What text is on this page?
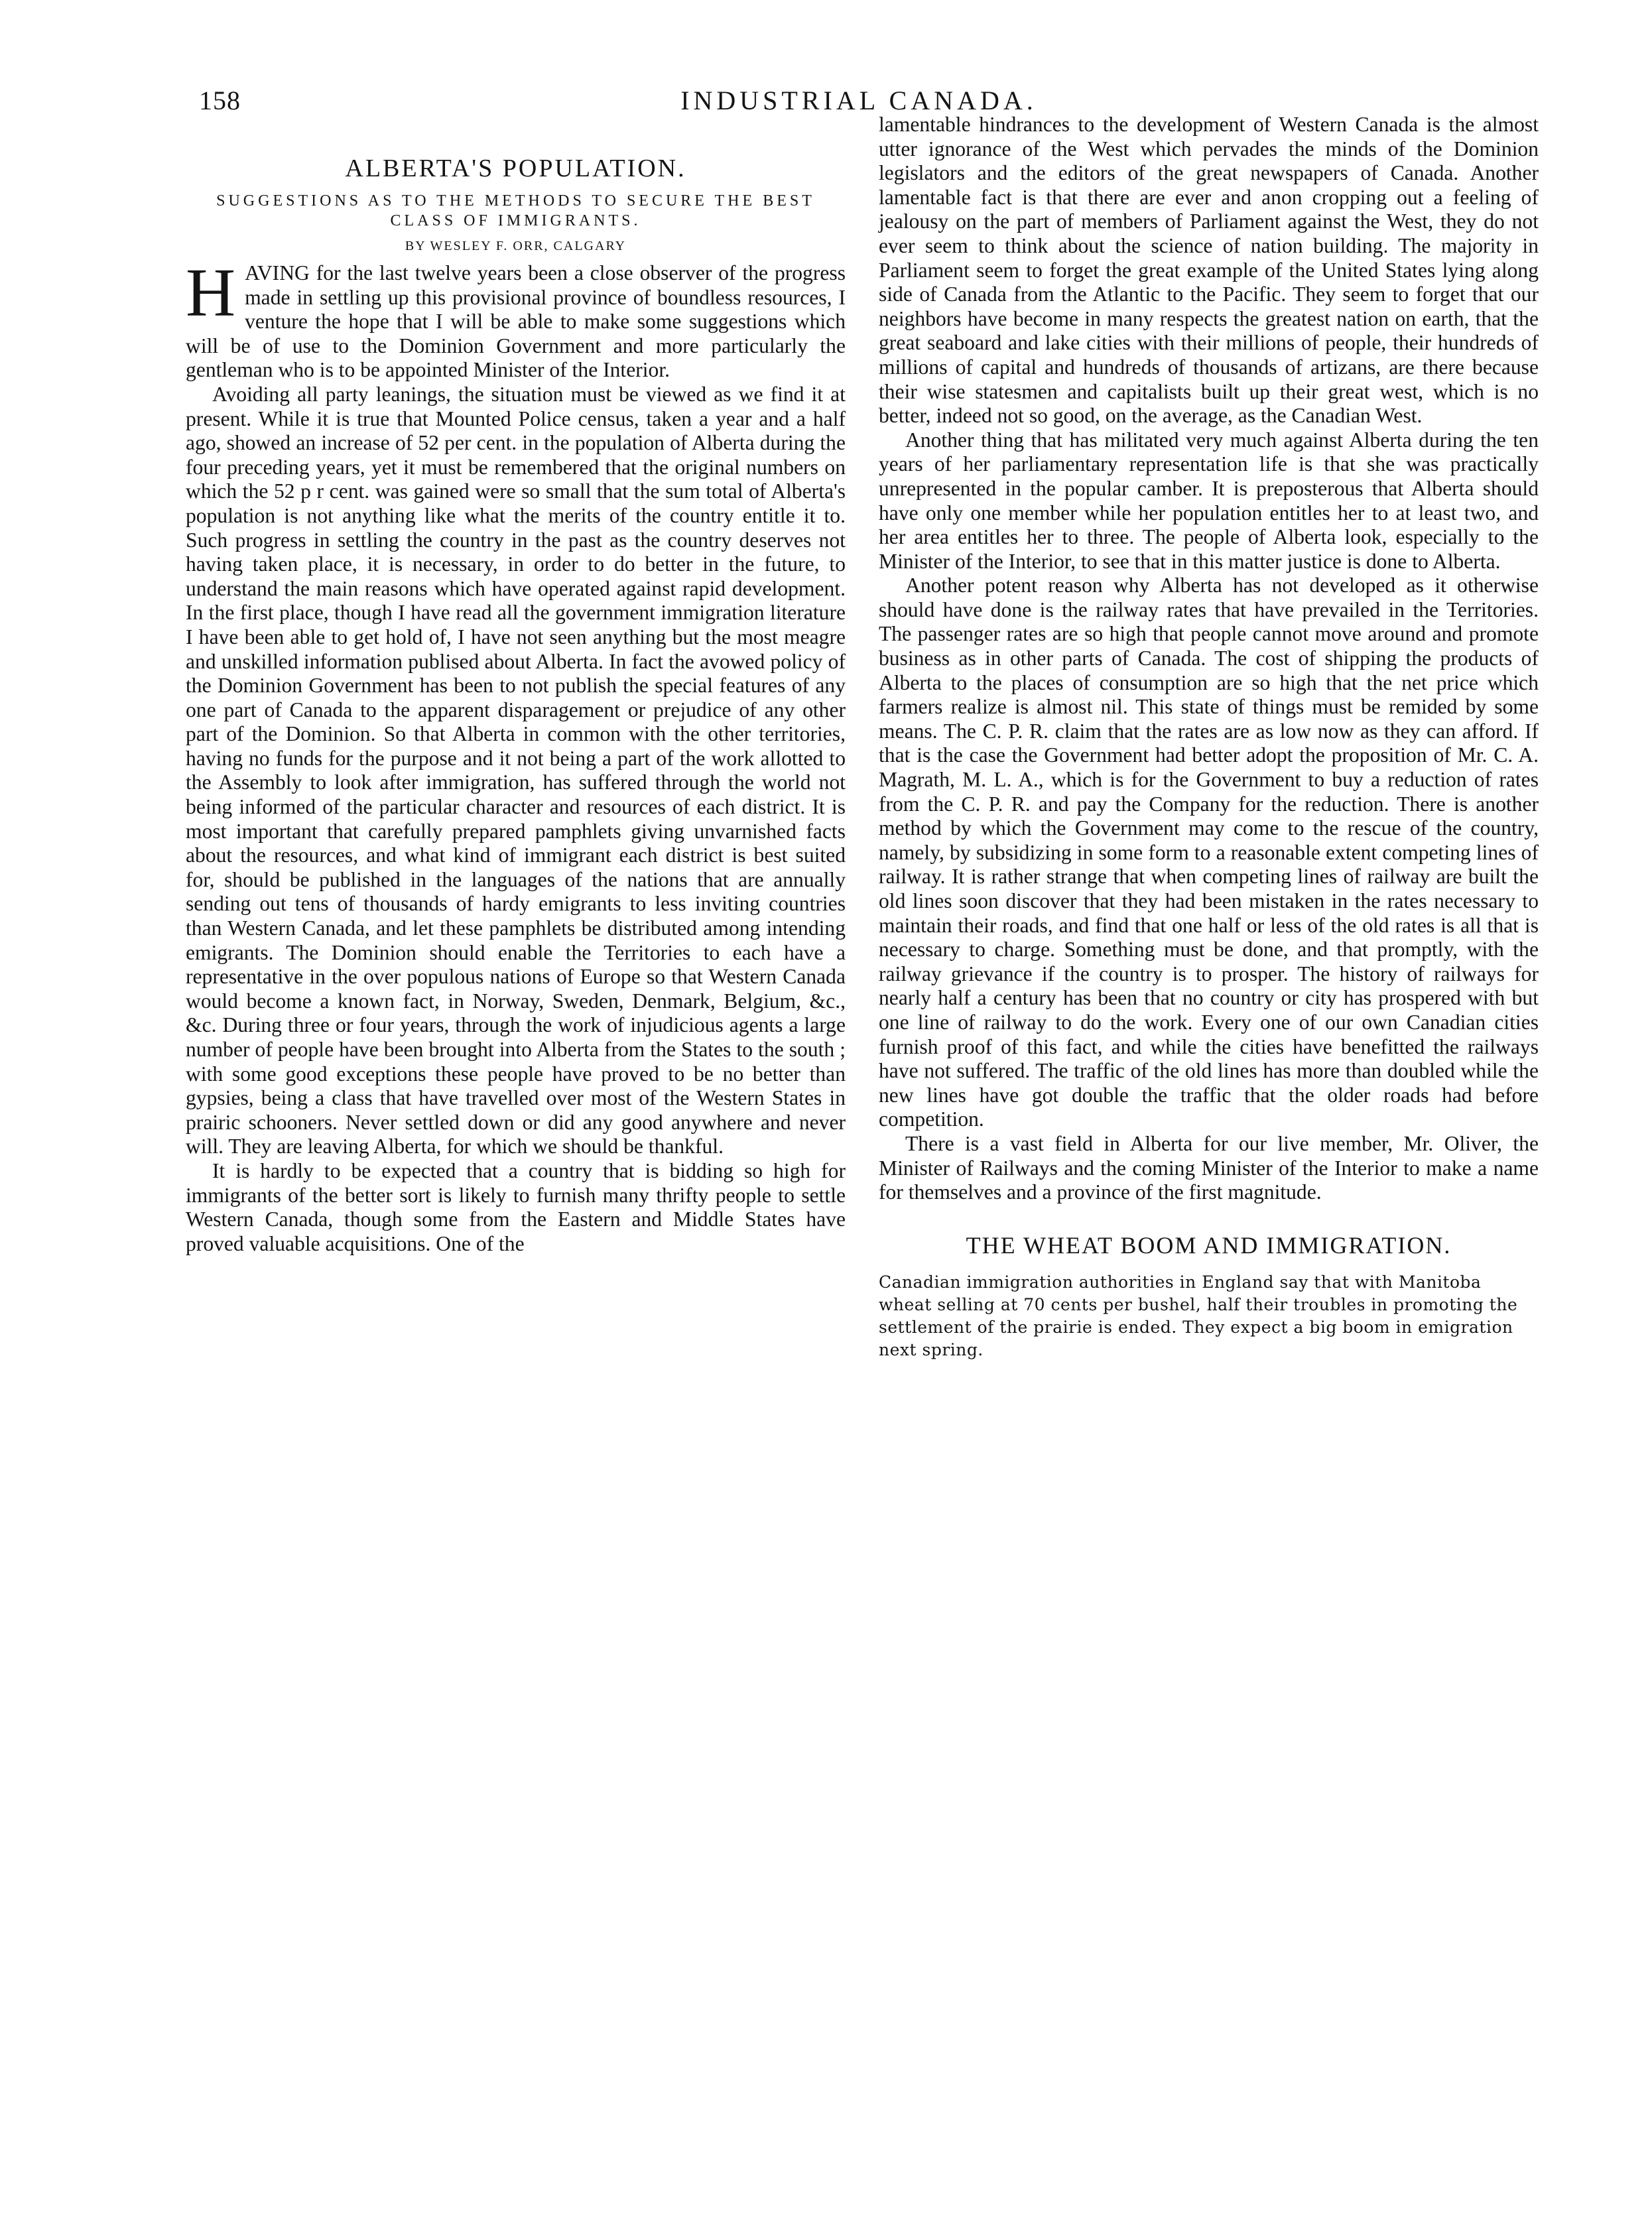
158	INDUSTRIAL CANADA.
ALBERTA'S POPULATION.
SUGGESTIONS AS TO THE METHODS TO SECURE THE BEST CLASS OF IMMIGRANTS.
BY WESLEY F. ORR, CALGARY

HAVING for the last twelve years been a close observer of the progress made in settling up this provisional province of boundless resources, I venture the hope that I will be able to make some suggestions which will be of use to the Dominion Government and more particularly the gentleman who is to be appointed Minister of the Interior.

Avoiding all party leanings, the situation must be viewed as we find it at present. While it is true that Mounted Police census, taken a year and a half ago, showed an increase of 52 per cent. in the population of Alberta during the four preceding years, yet it must be remembered that the original numbers on which the 52 p r cent. was gained were so small that the sum total of Alberta's population is not anything like what the merits of the country entitle it to. Such progress in settling the country in the past as the country deserves not having taken place, it is necessary, in order to do better in the future, to understand the main reasons which have operated against rapid development. In the first place, though I have read all the government immigration literature I have been able to get hold of, I have not seen anything but the most meagre and unskilled information publised about Alberta. In fact the avowed policy of the Dominion Government has been to not publish the special features of any one part of Canada to the apparent disparagement or prejudice of any other part of the Dominion. So that Alberta in common with the other territories, having no funds for the purpose and it not being a part of the work allotted to the Assembly to look after immigration, has suffered through the world not being informed of the particular character and resources of each district. It is most important that carefully prepared pamphlets giving unvarnished facts about the resources, and what kind of immigrant each district is best suited for, should be published in the languages of the nations that are annually sending out tens of thousands of hardy emigrants to less inviting countries than Western Canada, and let these pamphlets be distributed among intending emigrants. The Dominion should enable the Territories to each have a representative in the over populous nations of Europe so that Western Canada would become a known fact, in Norway, Sweden, Denmark, Belgium, &c., &c. During three or four years, through the work of injudicious agents a large number of people have been brought into Alberta from the States to the south ; with some good exceptions these people have proved to be no better than gypsies, being a class that have travelled over most of the Western States in prairic schooners. Never settled down or did any good anywhere and never will. They are leaving Alberta, for which we should be thankful.

It is hardly to be expected that a country that is bidding so high for immigrants of the better sort is likely to furnish many thrifty people to settle Western Canada, though some from the Eastern and Middle States have proved valuable acquisitions. One of the

lamentable hindrances to the development of Western Canada is the almost utter ignorance of the West which pervades the minds of the Dominion legislators and the editors of the great newspapers of Canada. Another lamentable fact is that there are ever and anon cropping out a feeling of jealousy on the part of members of Parliament against the West, they do not ever seem to think about the science of nation building. The majority in Parliament seem to forget the great example of the United States lying along side of Canada from the Atlantic to the Pacific. They seem to forget that our neighbors have become in many respects the greatest nation on earth, that the great seaboard and lake cities with their millions of people, their hundreds of millions of capital and hundreds of thousands of artizans, are there because their wise statesmen and capitalists built up their great west, which is no better, indeed not so good, on the average, as the Canadian West.

Another thing that has militated very much against Alberta during the ten years of her parliamentary representation life is that she was practically unrepresented in the popular camber. It is preposterous that Alberta should have only one member while her population entitles her to at least two, and her area entitles her to three. The people of Alberta look, especially to the Minister of the Interior, to see that in this matter justice is done to Alberta.

Another potent reason why Alberta has not developed as it otherwise should have done is the railway rates that have prevailed in the Territories. The passenger rates are so high that people cannot move around and promote business as in other parts of Canada. The cost of shipping the products of Alberta to the places of consumption are so high that the net price which farmers realize is almost nil. This state of things must be remided by some means. The C. P. R. claim that the rates are as low now as they can afford. If that is the case the Government had better adopt the proposition of Mr. C. A. Magrath, M. L. A., which is for the Government to buy a reduction of rates from the C. P. R. and pay the Company for the reduction. There is another method by which the Government may come to the rescue of the country, namely, by subsidizing in some form to a reasonable extent competing lines of railway. It is rather strange that when competing lines of railway are built the old lines soon discover that they had been mistaken in the rates necessary to maintain their roads, and find that one half or less of the old rates is all that is necessary to charge. Something must be done, and that promptly, with the railway grievance if the country is to prosper. The history of railways for nearly half a century has been that no country or city has prospered with but one line of railway to do the work. Every one of our own Canadian cities furnish proof of this fact, and while the cities have benefitted the railways have not suffered. The traffic of the old lines has more than doubled while the new lines have got double the traffic that the older roads had before competition.

There is a vast field in Alberta for our live member, Mr. Oliver, the Minister of Railways and the coming Minister of the Interior to make a name for themselves and a province of the first magnitude.

THE WHEAT BOOM AND IMMIGRATION.

Canadian immigration authorities in England say that with Manitoba wheat selling at 70 cents per bushel, half their troubles in promoting the settlement of the prairie is ended. They expect a big boom in emigration next spring.
